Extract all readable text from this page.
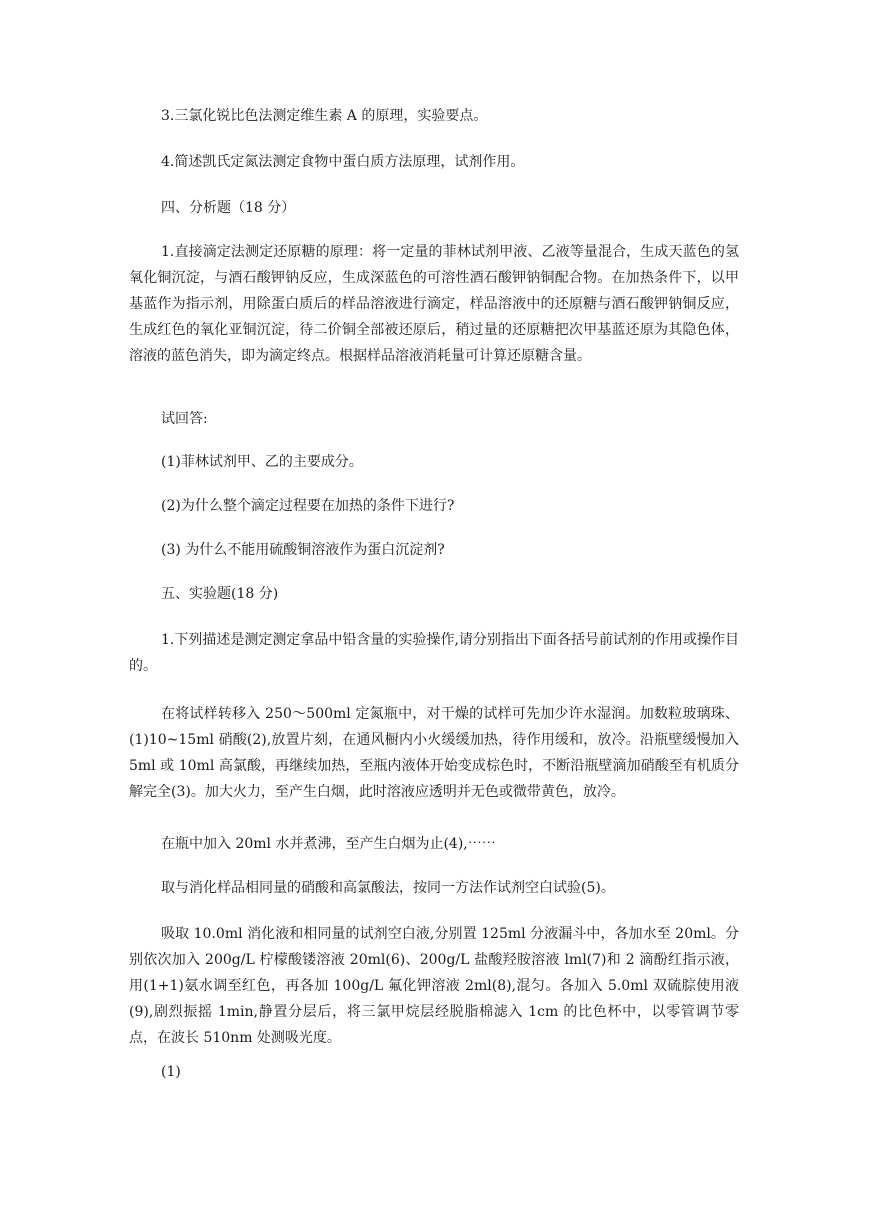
3.三氯化锐比色法测定维生素 A 的原理，实验要点。

4.简述凯氏定氮法测定食物中蛋白质方法原理，试剂作用。

四、分析题（18 分）

1.直接滴定法测定还原糖的原理：将一定量的菲林试剂甲液、乙液等量混合，生成天蓝色的氢氧化铜沉淀，与酒石酸钾钠反应，生成深蓝色的可溶性酒石酸钾钠铜配合物。在加热条件下，以甲基蓝作为指示剂，用除蛋白质后的样品溶液进行滴定，样品溶液中的还原糖与酒石酸钾钠铜反应，生成红色的氧化亚铜沉淀，待二价铜全部被还原后，稍过量的还原糖把次甲基蓝还原为其隐色体，溶液的蓝色消失，即为滴定终点。根据样品溶液消耗量可计算还原糖含量。

试回答:

(1)菲林试剂甲、乙的主要成分。

(2)为什么整个滴定过程要在加热的条件下进行?

(3) 为什么不能用硫酸铜溶液作为蛋白沉淀剂?

五、实验题(18 分)

1.下列描述是测定测定拿品中铅含量的实验操作,请分别指出下面各括号前试剂的作用或操作目的。

在将试样转移入 250～500ml 定氮瓶中，对干燥的试样可先加少许水湿润。加数粒玻璃珠、(1)10~15ml 硝酸(2),放置片刻，在通风橱内小火缓缓加热，待作用缓和，放冷。沿瓶壁缓慢加入 5ml 或 10ml 高氯酸，再继续加热，至瓶内液体开始变成棕色时，不断沿瓶壁滴加硝酸至有机质分解完全(3)。加大火力，至产生白烟，此时溶液应透明并无色或微带黄色，放冷。

在瓶中加入 20ml 水并煮沸，至产生白烟为止(4),⋯⋯

取与消化样品相同量的硝酸和高氯酸法，按同一方法作试剂空白试验(5)。

吸取 10.0ml 消化液和相同量的试剂空白液,分别置 125ml 分液漏斗中，各加水至 20ml。分别依次加入 200g/L 柠檬酸镂溶液 20ml(6)、200g/L 盐酸羟胺溶液 lml(7)和 2 滴酚红指示液，用(1+1)氨水调至红色，再各加 100g/L 氟化钾溶液 2ml(8),混匀。各加入 5.0ml 双硫腙使用液(9),剧烈振摇 1min,静置分层后，将三氯甲烷层经脱脂棉滤入 1cm 的比色杯中，以零管调节零点，在波长 510nm 处测吸光度。

(1)
